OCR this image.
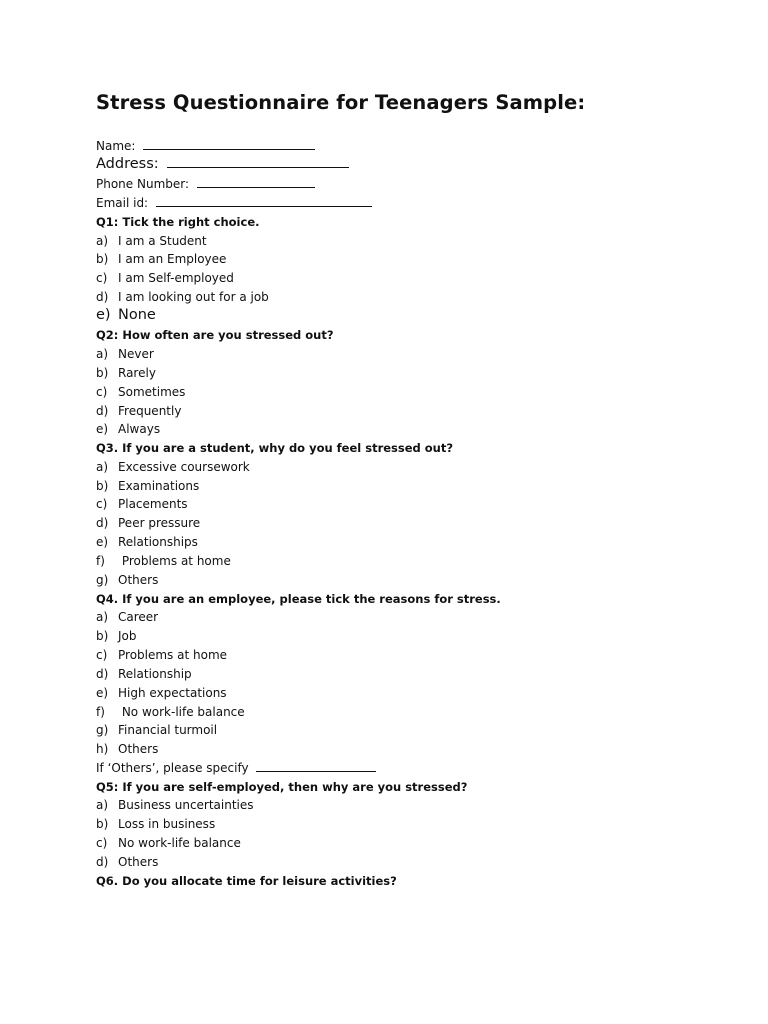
Stress Questionnaire for Teenagers Sample:
Name:
Address:
Phone Number:
Email id:
Q1: Tick the right choice.
a) I am a Student
b) I am an Employee
c) I am Self-employed
d) I am looking out for a job
e) None
Q2: How often are you stressed out?
a) Never
b) Rarely
c) Sometimes
d) Frequently
e) Always
Q3. If you are a student, why do you feel stressed out?
a) Excessive coursework
b) Examinations
c) Placements
d) Peer pressure
e) Relationships
f) Problems at home
g) Others
Q4. If you are an employee, please tick the reasons for stress.
a) Career
b) Job
c) Problems at home
d) Relationship
e) High expectations
f) No work-life balance
g) Financial turmoil
h) Others
If ‘Others’, please specify
Q5: If you are self-employed, then why are you stressed?
a) Business uncertainties
b) Loss in business
c) No work-life balance
d) Others
Q6. Do you allocate time for leisure activities?
